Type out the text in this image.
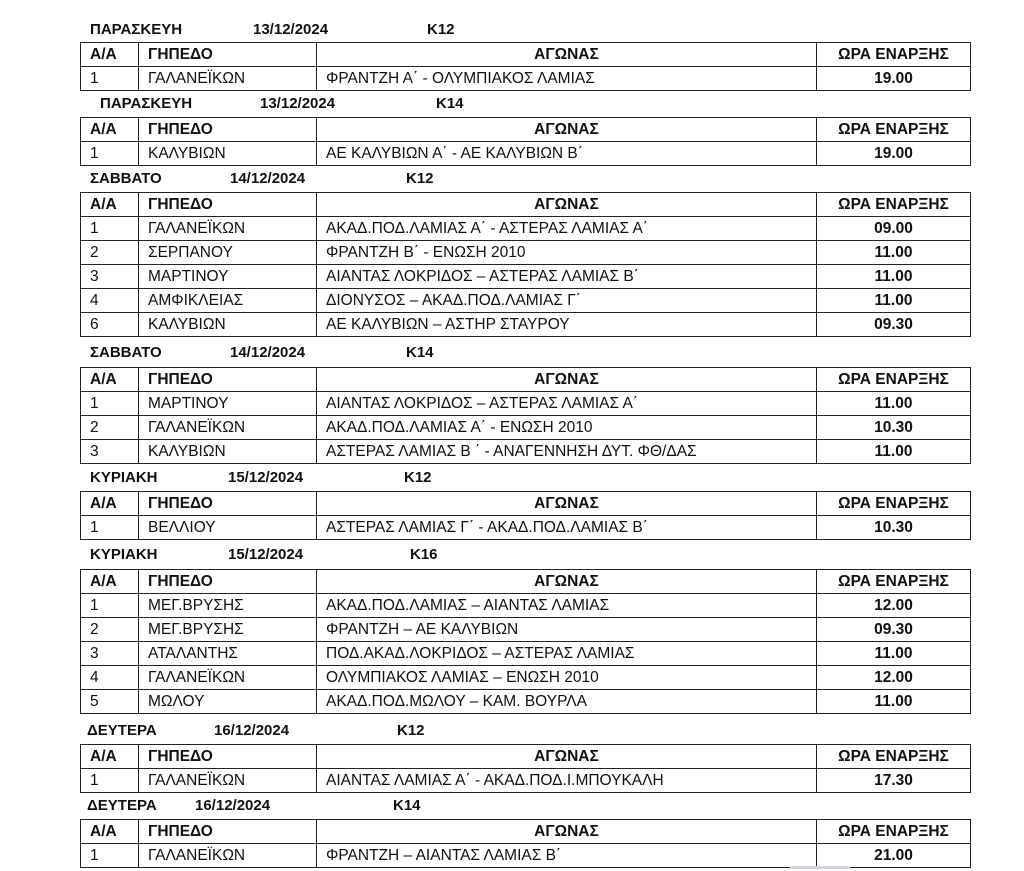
ΠΑΡΑΣΚΕΥΗ	13/12/2024	Κ12
Α/Α	ΓΗΠΕΔΟ	ΑΓΩΝΑΣ	ΩΡΑ ΕΝΑΡΞΗΣ
1	ΓΑΛΑΝΕΪΚΩΝ	ΦΡΑΝΤΖΗ Α΄ - ΟΛΥΜΠΙΑΚΟΣ ΛΑΜΙΑΣ	19.00
ΠΑΡΑΣΚΕΥΗ	13/12/2024	Κ14
Α/Α	ΓΗΠΕΔΟ	ΑΓΩΝΑΣ	ΩΡΑ ΕΝΑΡΞΗΣ
1	ΚΑΛΥΒΙΩΝ	ΑΕ ΚΑΛΥΒΙΩΝ Α΄ - ΑΕ ΚΑΛΥΒΙΩΝ Β΄	19.00
ΣΑΒΒΑΤΟ	14/12/2024	Κ12
Α/Α	ΓΗΠΕΔΟ	ΑΓΩΝΑΣ	ΩΡΑ ΕΝΑΡΞΗΣ
1	ΓΑΛΑΝΕΪΚΩΝ	ΑΚΑΔ.ΠΟΔ.ΛΑΜΙΑΣ Α΄ - ΑΣΤΕΡΑΣ ΛΑΜΙΑΣ Α΄	09.00
2	ΣΕΡΠΑΝΟΥ	ΦΡΑΝΤΖΗ Β΄ - ΕΝΩΣΗ 2010	11.00
3	ΜΑΡΤΙΝΟΥ	ΑΙΑΝΤΑΣ ΛΟΚΡΙΔΟΣ – ΑΣΤΕΡΑΣ ΛΑΜΙΑΣ Β΄	11.00
4	ΑΜΦΙΚΛΕΙΑΣ	ΔΙΟΝΥΣΟΣ – ΑΚΑΔ.ΠΟΔ.ΛΑΜΙΑΣ Γ΄	11.00
6	ΚΑΛΥΒΙΩΝ	ΑΕ ΚΑΛΥΒΙΩΝ – ΑΣΤΗΡ ΣΤΑΥΡΟΥ	09.30
ΣΑΒΒΑΤΟ	14/12/2024	Κ14
Α/Α	ΓΗΠΕΔΟ	ΑΓΩΝΑΣ	ΩΡΑ ΕΝΑΡΞΗΣ
1	ΜΑΡΤΙΝΟΥ	ΑΙΑΝΤΑΣ ΛΟΚΡΙΔΟΣ – ΑΣΤΕΡΑΣ ΛΑΜΙΑΣ Α΄	11.00
2	ΓΑΛΑΝΕΪΚΩΝ	ΑΚΑΔ.ΠΟΔ.ΛΑΜΙΑΣ Α΄ - ΕΝΩΣΗ 2010	10.30
3	ΚΑΛΥΒΙΩΝ	ΑΣΤΕΡΑΣ ΛΑΜΙΑΣ Β ΄ - ΑΝΑΓΕΝΝΗΣΗ ΔΥΤ. ΦΘ/ΔΑΣ	11.00
ΚΥΡΙΑΚΗ	15/12/2024	Κ12
Α/Α	ΓΗΠΕΔΟ	ΑΓΩΝΑΣ	ΩΡΑ ΕΝΑΡΞΗΣ
1	ΒΕΛΛΙΟΥ	ΑΣΤΕΡΑΣ ΛΑΜΙΑΣ Γ΄ - ΑΚΑΔ.ΠΟΔ.ΛΑΜΙΑΣ Β΄	10.30
ΚΥΡΙΑΚΗ	15/12/2024	Κ16
Α/Α	ΓΗΠΕΔΟ	ΑΓΩΝΑΣ	ΩΡΑ ΕΝΑΡΞΗΣ
1	ΜΕΓ.ΒΡΥΣΗΣ	ΑΚΑΔ.ΠΟΔ.ΛΑΜΙΑΣ – ΑΙΑΝΤΑΣ ΛΑΜΙΑΣ	12.00
2	ΜΕΓ.ΒΡΥΣΗΣ	ΦΡΑΝΤΖΗ – ΑΕ ΚΑΛΥΒΙΩΝ	09.30
3	ΑΤΑΛΑΝΤΗΣ	ΠΟΔ.ΑΚΑΔ.ΛΟΚΡΙΔΟΣ – ΑΣΤΕΡΑΣ ΛΑΜΙΑΣ	11.00
4	ΓΑΛΑΝΕΪΚΩΝ	ΟΛΥΜΠΙΑΚΟΣ ΛΑΜΙΑΣ – ΕΝΩΣΗ 2010	12.00
5	ΜΩΛΟΥ	ΑΚΑΔ.ΠΟΔ.ΜΩΛΟΥ – ΚΑΜ. ΒΟΥΡΛΑ	11.00
ΔΕΥΤΕΡΑ	16/12/2024	Κ12
Α/Α	ΓΗΠΕΔΟ	ΑΓΩΝΑΣ	ΩΡΑ ΕΝΑΡΞΗΣ
1	ΓΑΛΑΝΕΪΚΩΝ	ΑΙΑΝΤΑΣ ΛΑΜΙΑΣ Α΄ - ΑΚΑΔ.ΠΟΔ.Ι.ΜΠΟΥΚΑΛΗ	17.30
ΔΕΥΤΕΡΑ	16/12/2024	Κ14
Α/Α	ΓΗΠΕΔΟ	ΑΓΩΝΑΣ	ΩΡΑ ΕΝΑΡΞΗΣ
1	ΓΑΛΑΝΕΪΚΩΝ	ΦΡΑΝΤΖΗ – ΑΙΑΝΤΑΣ ΛΑΜΙΑΣ Β΄	21.00
